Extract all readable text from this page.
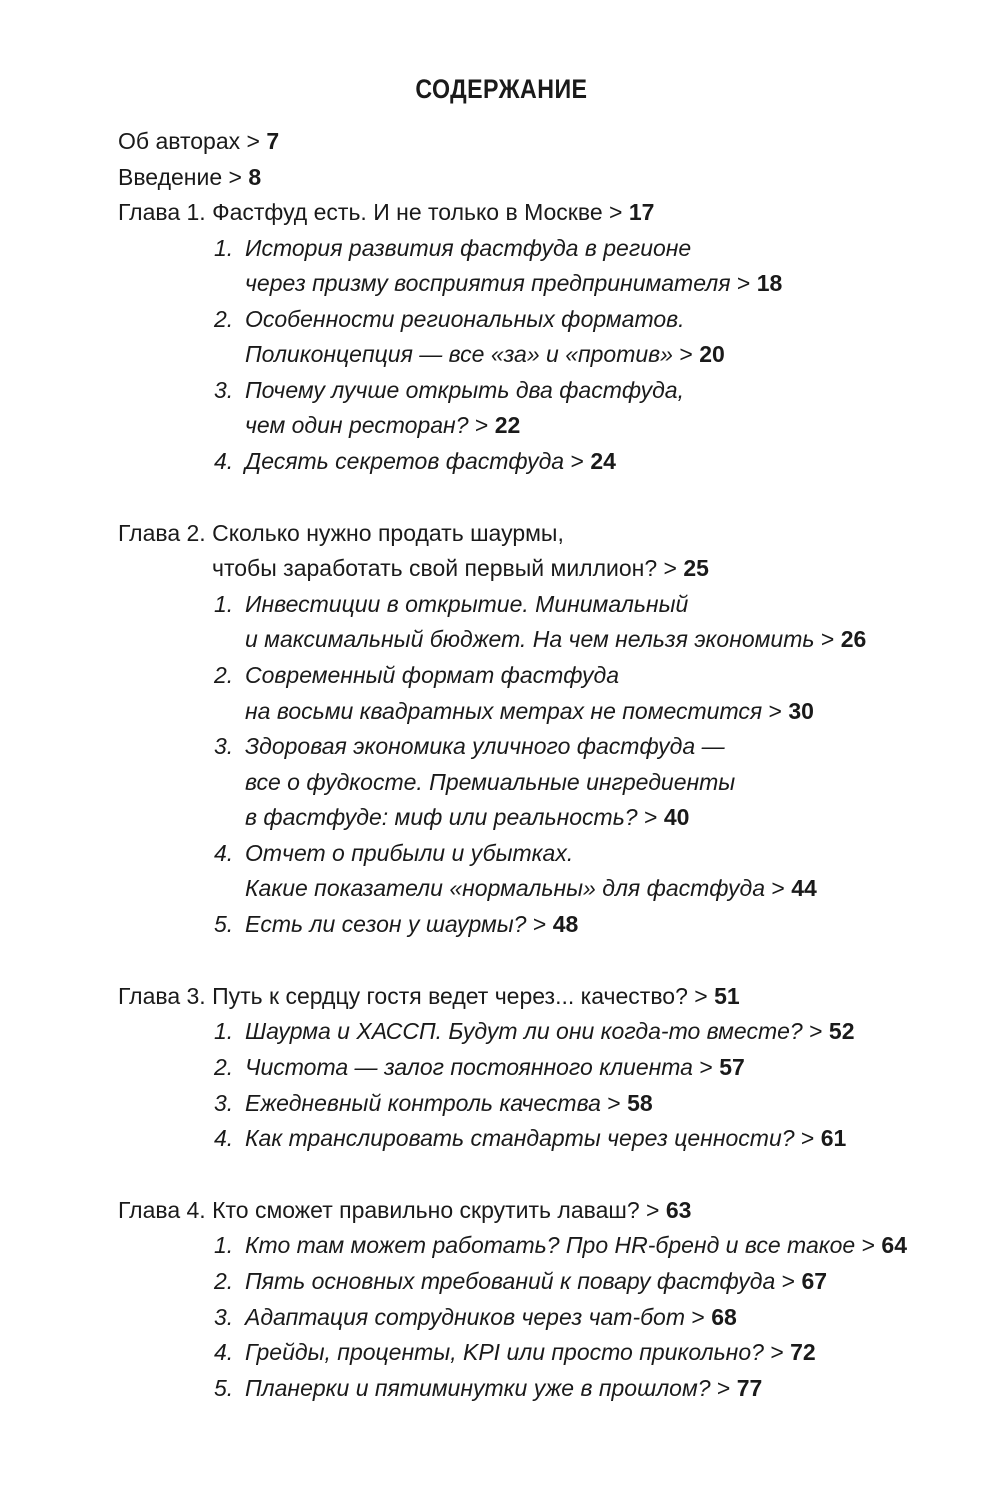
СОДЕРЖАНИЕ
Об авторах > 7
Введение > 8
Глава 1. Фастфуд есть. И не только в Москве > 17
1. История развития фастфуда в регионе
через призму восприятия предпринимателя > 18
2. Особенности региональных форматов.
Поликонцепция — все «за» и «против» > 20
3. Почему лучше открыть два фастфуда,
чем один ресторан? > 22
4. Десять секретов фастфуда > 24
Глава 2. Сколько нужно продать шаурмы,
чтобы заработать свой первый миллион? > 25
1. Инвестиции в открытие. Минимальный
и максимальный бюджет. На чем нельзя экономить > 26
2. Современный формат фастфуда
на восьми квадратных метрах не поместится > 30
3. Здоровая экономика уличного фастфуда —
все о фудкосте. Премиальные ингредиенты
в фастфуде: миф или реальность? > 40
4. Отчет о прибыли и убытках.
Какие показатели «нормальны» для фастфуда > 44
5. Есть ли сезон у шаурмы? > 48
Глава 3. Путь к сердцу гостя ведет через... качество? > 51
1. Шаурма и ХАССП. Будут ли они когда-то вместе? > 52
2. Чистота — залог постоянного клиента > 57
3. Ежедневный контроль качества > 58
4. Как транслировать стандарты через ценности? > 61
Глава 4. Кто сможет правильно скрутить лаваш? > 63
1. Кто там может работать? Про HR-бренд и все такое > 64
2. Пять основных требований к повару фастфуда > 67
3. Адаптация сотрудников через чат-бот > 68
4. Грейды, проценты, KPI или просто прикольно? > 72
5. Планерки и пятиминутки уже в прошлом? > 77
